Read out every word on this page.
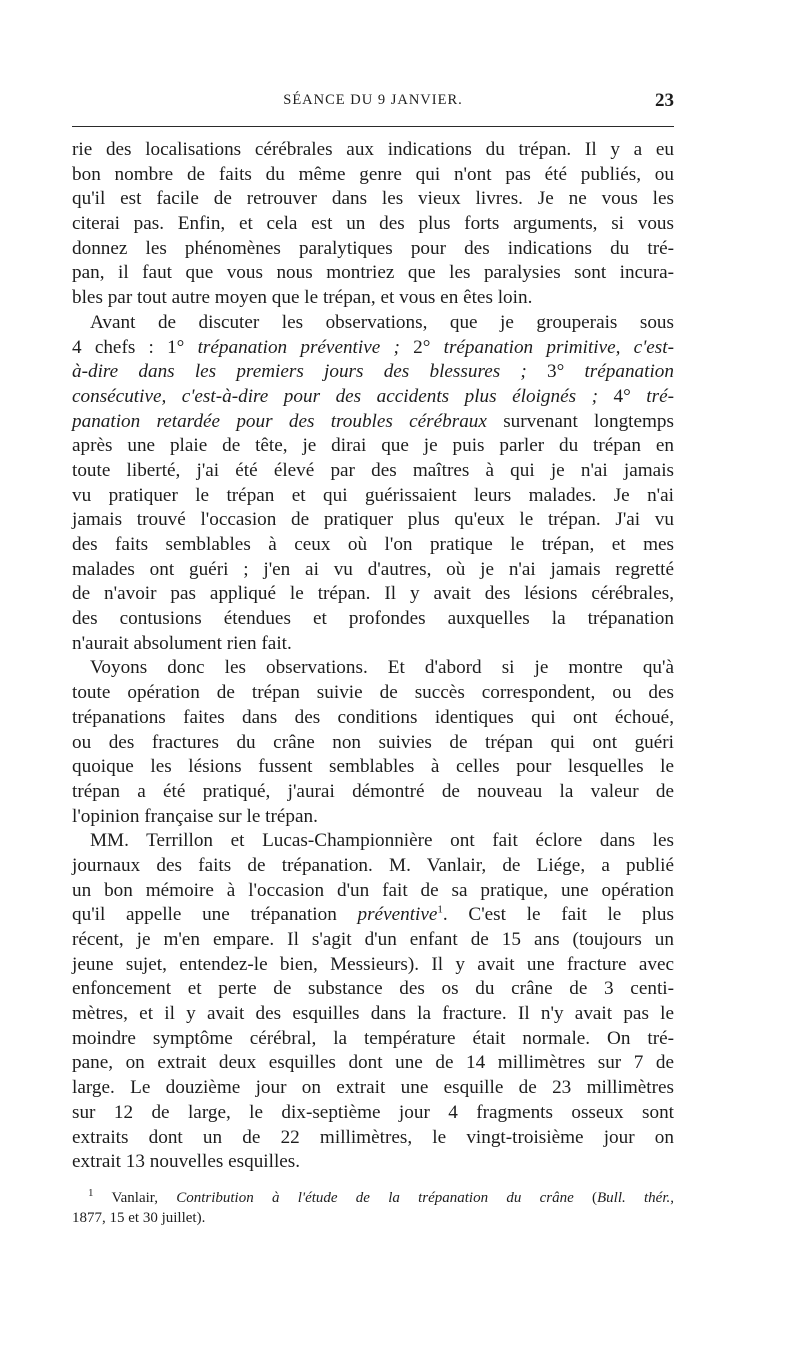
SÉANCE DU 9 JANVIER.	23
rie des localisations cérébrales aux indications du trépan. Il y a eu
bon nombre de faits du même genre qui n'ont pas été publiés, ou
qu'il est facile de retrouver dans les vieux livres. Je ne vous les
citerai pas. Enfin, et cela est un des plus forts arguments, si vous
donnez les phénomènes paralytiques pour des indications du tré-
pan, il faut que vous nous montriez que les paralysies sont incura-
bles par tout autre moyen que le trépan, et vous en êtes loin.
Avant de discuter les observations, que je grouperais sous
4 chefs : 1° trépanation préventive ; 2° trépanation primitive, c'est-
à-dire dans les premiers jours des blessures ; 3° trépanation
consécutive, c'est-à-dire pour des accidents plus éloignés ; 4° tré-
panation retardée pour des troubles cérébraux survenant longtemps
après une plaie de tête, je dirai que je puis parler du trépan en
toute liberté, j'ai été élevé par des maîtres à qui je n'ai jamais
vu pratiquer le trépan et qui guérissaient leurs malades. Je n'ai
jamais trouvé l'occasion de pratiquer plus qu'eux le trépan. J'ai vu
des faits semblables à ceux où l'on pratique le trépan, et mes
malades ont guéri ; j'en ai vu d'autres, où je n'ai jamais regretté
de n'avoir pas appliqué le trépan. Il y avait des lésions cérébrales,
des contusions étendues et profondes auxquelles la trépanation
n'aurait absolument rien fait.
Voyons donc les observations. Et d'abord si je montre qu'à
toute opération de trépan suivie de succès correspondent, ou des
trépanations faites dans des conditions identiques qui ont échoué,
ou des fractures du crâne non suivies de trépan qui ont guéri
quoique les lésions fussent semblables à celles pour lesquelles le
trépan a été pratiqué, j'aurai démontré de nouveau la valeur de
l'opinion française sur le trépan.
MM. Terrillon et Lucas-Championnière ont fait éclore dans les
journaux des faits de trépanation. M. Vanlair, de Liége, a publié
un bon mémoire à l'occasion d'un fait de sa pratique, une opération
qu'il appelle une trépanation préventive$^1$. C'est le fait le plus
récent, je m'en empare. Il s'agit d'un enfant de 15 ans (toujours un
jeune sujet, entendez-le bien, Messieurs). Il y avait une fracture avec
enfoncement et perte de substance des os du crâne de 3 centi-
mètres, et il y avait des esquilles dans la fracture. Il n'y avait pas le
moindre symptôme cérébral, la température était normale. On tré-
pane, on extrait deux esquilles dont une de 14 millimètres sur 7 de
large. Le douzième jour on extrait une esquille de 23 millimètres
sur 12 de large, le dix-septième jour 4 fragments osseux sont
extraits dont un de 22 millimètres, le vingt-troisième jour on
extrait 13 nouvelles esquilles.
$^1$ Vanlair, Contribution à l'étude de la trépanation du crâne (Bull. thér.,
1877, 15 et 30 juillet).
